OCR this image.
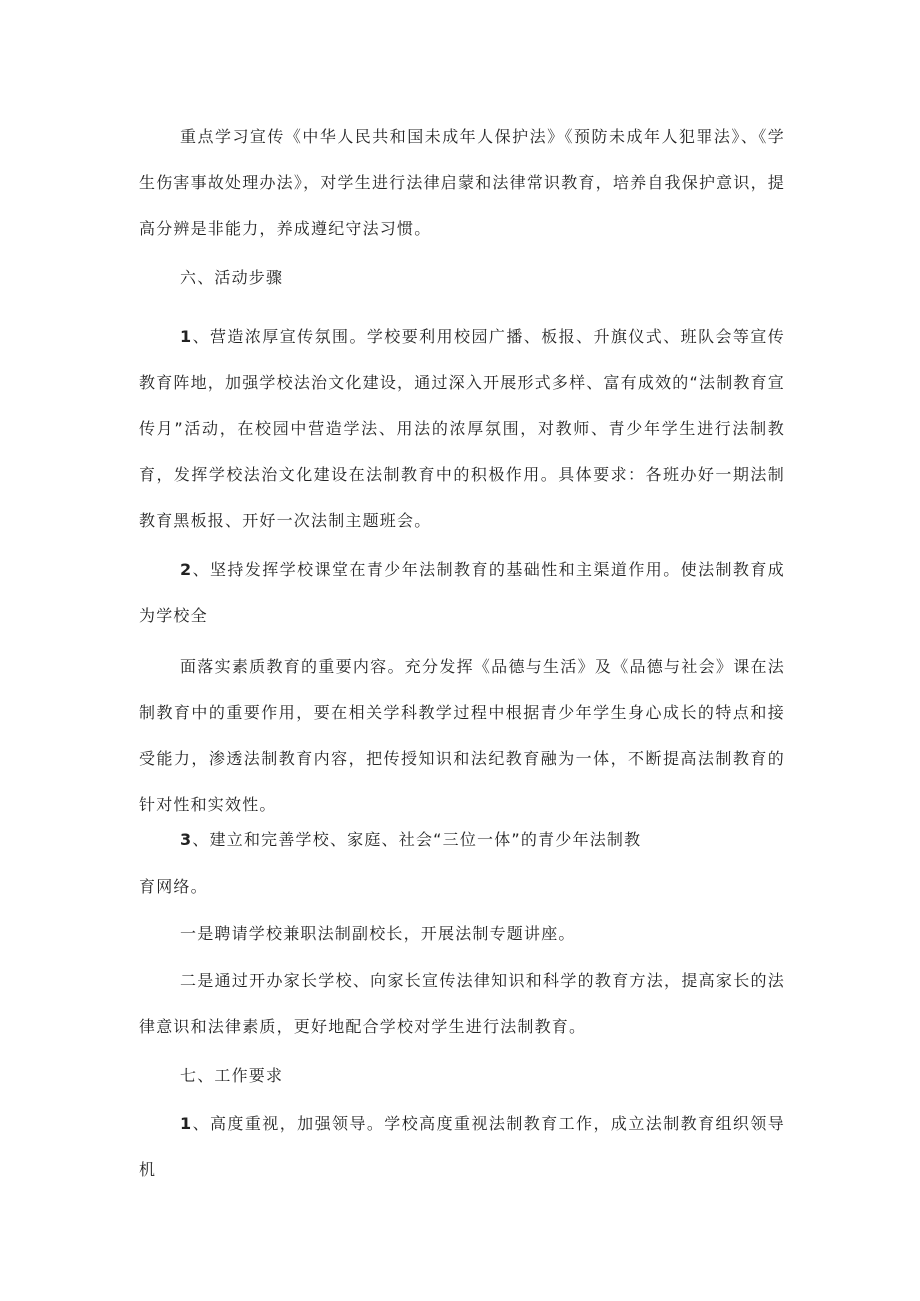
重点学习宣传《中华人民共和国未成年人保护法》《预防未成年人犯罪法》、《学生伤害事故处理办法》，对学生进行法律启蒙和法律常识教育，培养自我保护意识，提高分辨是非能力，养成遵纪守法习惯。

六、活动步骤

1、营造浓厚宣传氛围。学校要利用校园广播、板报、升旗仪式、班队会等宣传教育阵地，加强学校法治文化建设，通过深入开展形式多样、富有成效的“法制教育宣传月”活动，在校园中营造学法、用法的浓厚氛围，对教师、青少年学生进行法制教育，发挥学校法治文化建设在法制教育中的积极作用。具体要求：各班办好一期法制教育黑板报、开好一次法制主题班会。

2、坚持发挥学校课堂在青少年法制教育的基础性和主渠道作用。使法制教育成为学校全

面落实素质教育的重要内容。充分发挥《品德与生活》及《品德与社会》课在法制教育中的重要作用，要在相关学科教学过程中根据青少年学生身心成长的特点和接受能力，渗透法制教育内容，把传授知识和法纪教育融为一体，不断提高法制教育的针对性和实效性。

3、建立和完善学校、家庭、社会“三位一体”的青少年法制教

育网络。

一是聘请学校兼职法制副校长，开展法制专题讲座。

二是通过开办家长学校、向家长宣传法律知识和科学的教育方法，提高家长的法律意识和法律素质，更好地配合学校对学生进行法制教育。

七、工作要求

1、高度重视，加强领导。学校高度重视法制教育工作，成立法制教育组织领导机
